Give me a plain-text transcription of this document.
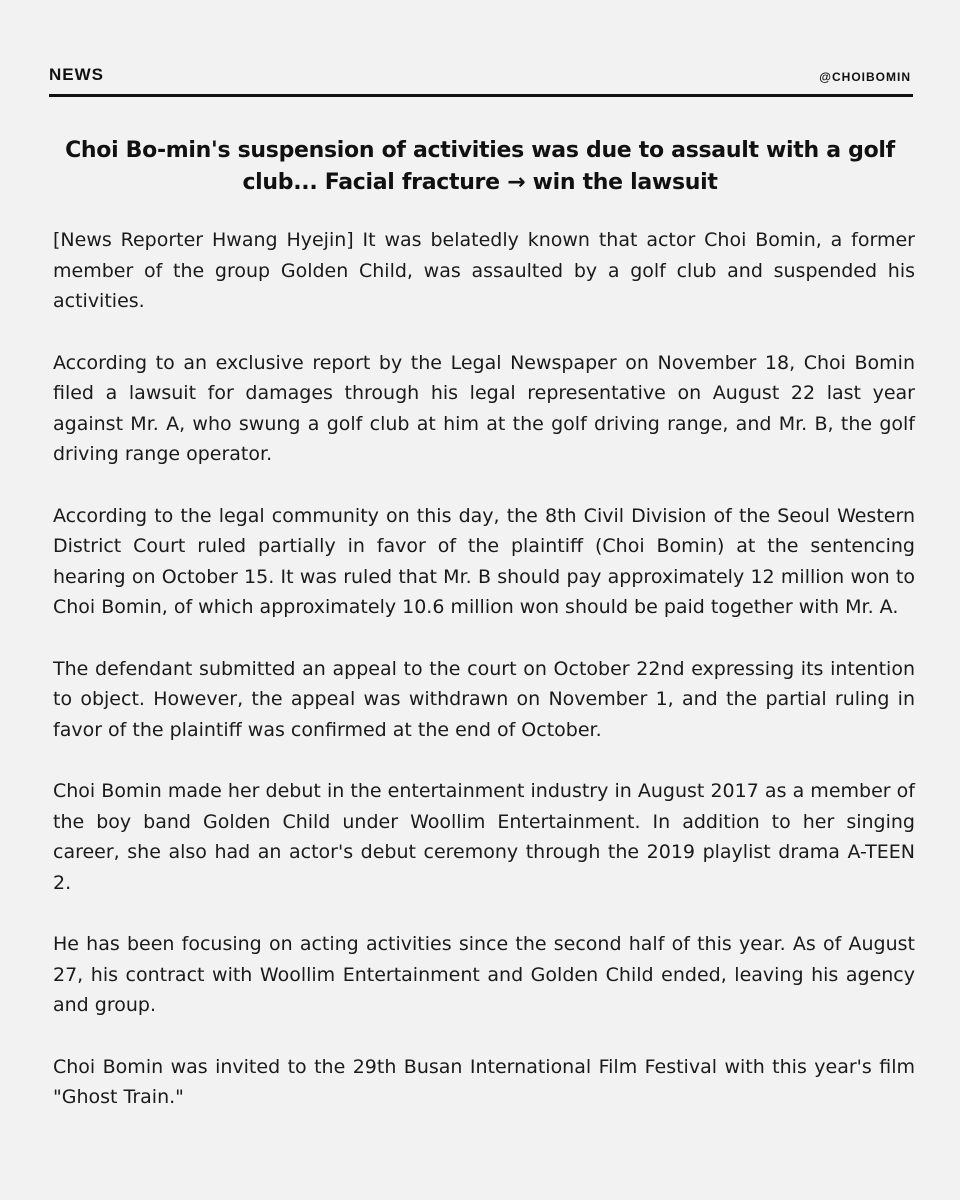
NEWS	@CHOIBOMIN
Choi Bo-min's suspension of activities was due to assault with a golf club... Facial fracture → win the lawsuit

[News Reporter Hwang Hyejin] It was belatedly known that actor Choi Bomin, a former member of the group Golden Child, was assaulted by a golf club and suspended his activities.

According to an exclusive report by the Legal Newspaper on November 18, Choi Bomin filed a lawsuit for damages through his legal representative on August 22 last year against Mr. A, who swung a golf club at him at the golf driving range, and Mr. B, the golf driving range operator.

According to the legal community on this day, the 8th Civil Division of the Seoul Western District Court ruled partially in favor of the plaintiff (Choi Bomin) at the sentencing hearing on October 15. It was ruled that Mr. B should pay approximately 12 million won to Choi Bomin, of which approximately 10.6 million won should be paid together with Mr. A.

The defendant submitted an appeal to the court on October 22nd expressing its intention to object. However, the appeal was withdrawn on November 1, and the partial ruling in favor of the plaintiff was confirmed at the end of October.

Choi Bomin made her debut in the entertainment industry in August 2017 as a member of the boy band Golden Child under Woollim Entertainment. In addition to her singing career, she also had an actor's debut ceremony through the 2019 playlist drama A-TEEN 2.

He has been focusing on acting activities since the second half of this year. As of August 27, his contract with Woollim Entertainment and Golden Child ended, leaving his agency and group.

Choi Bomin was invited to the 29th Busan International Film Festival with this year's film "Ghost Train."
